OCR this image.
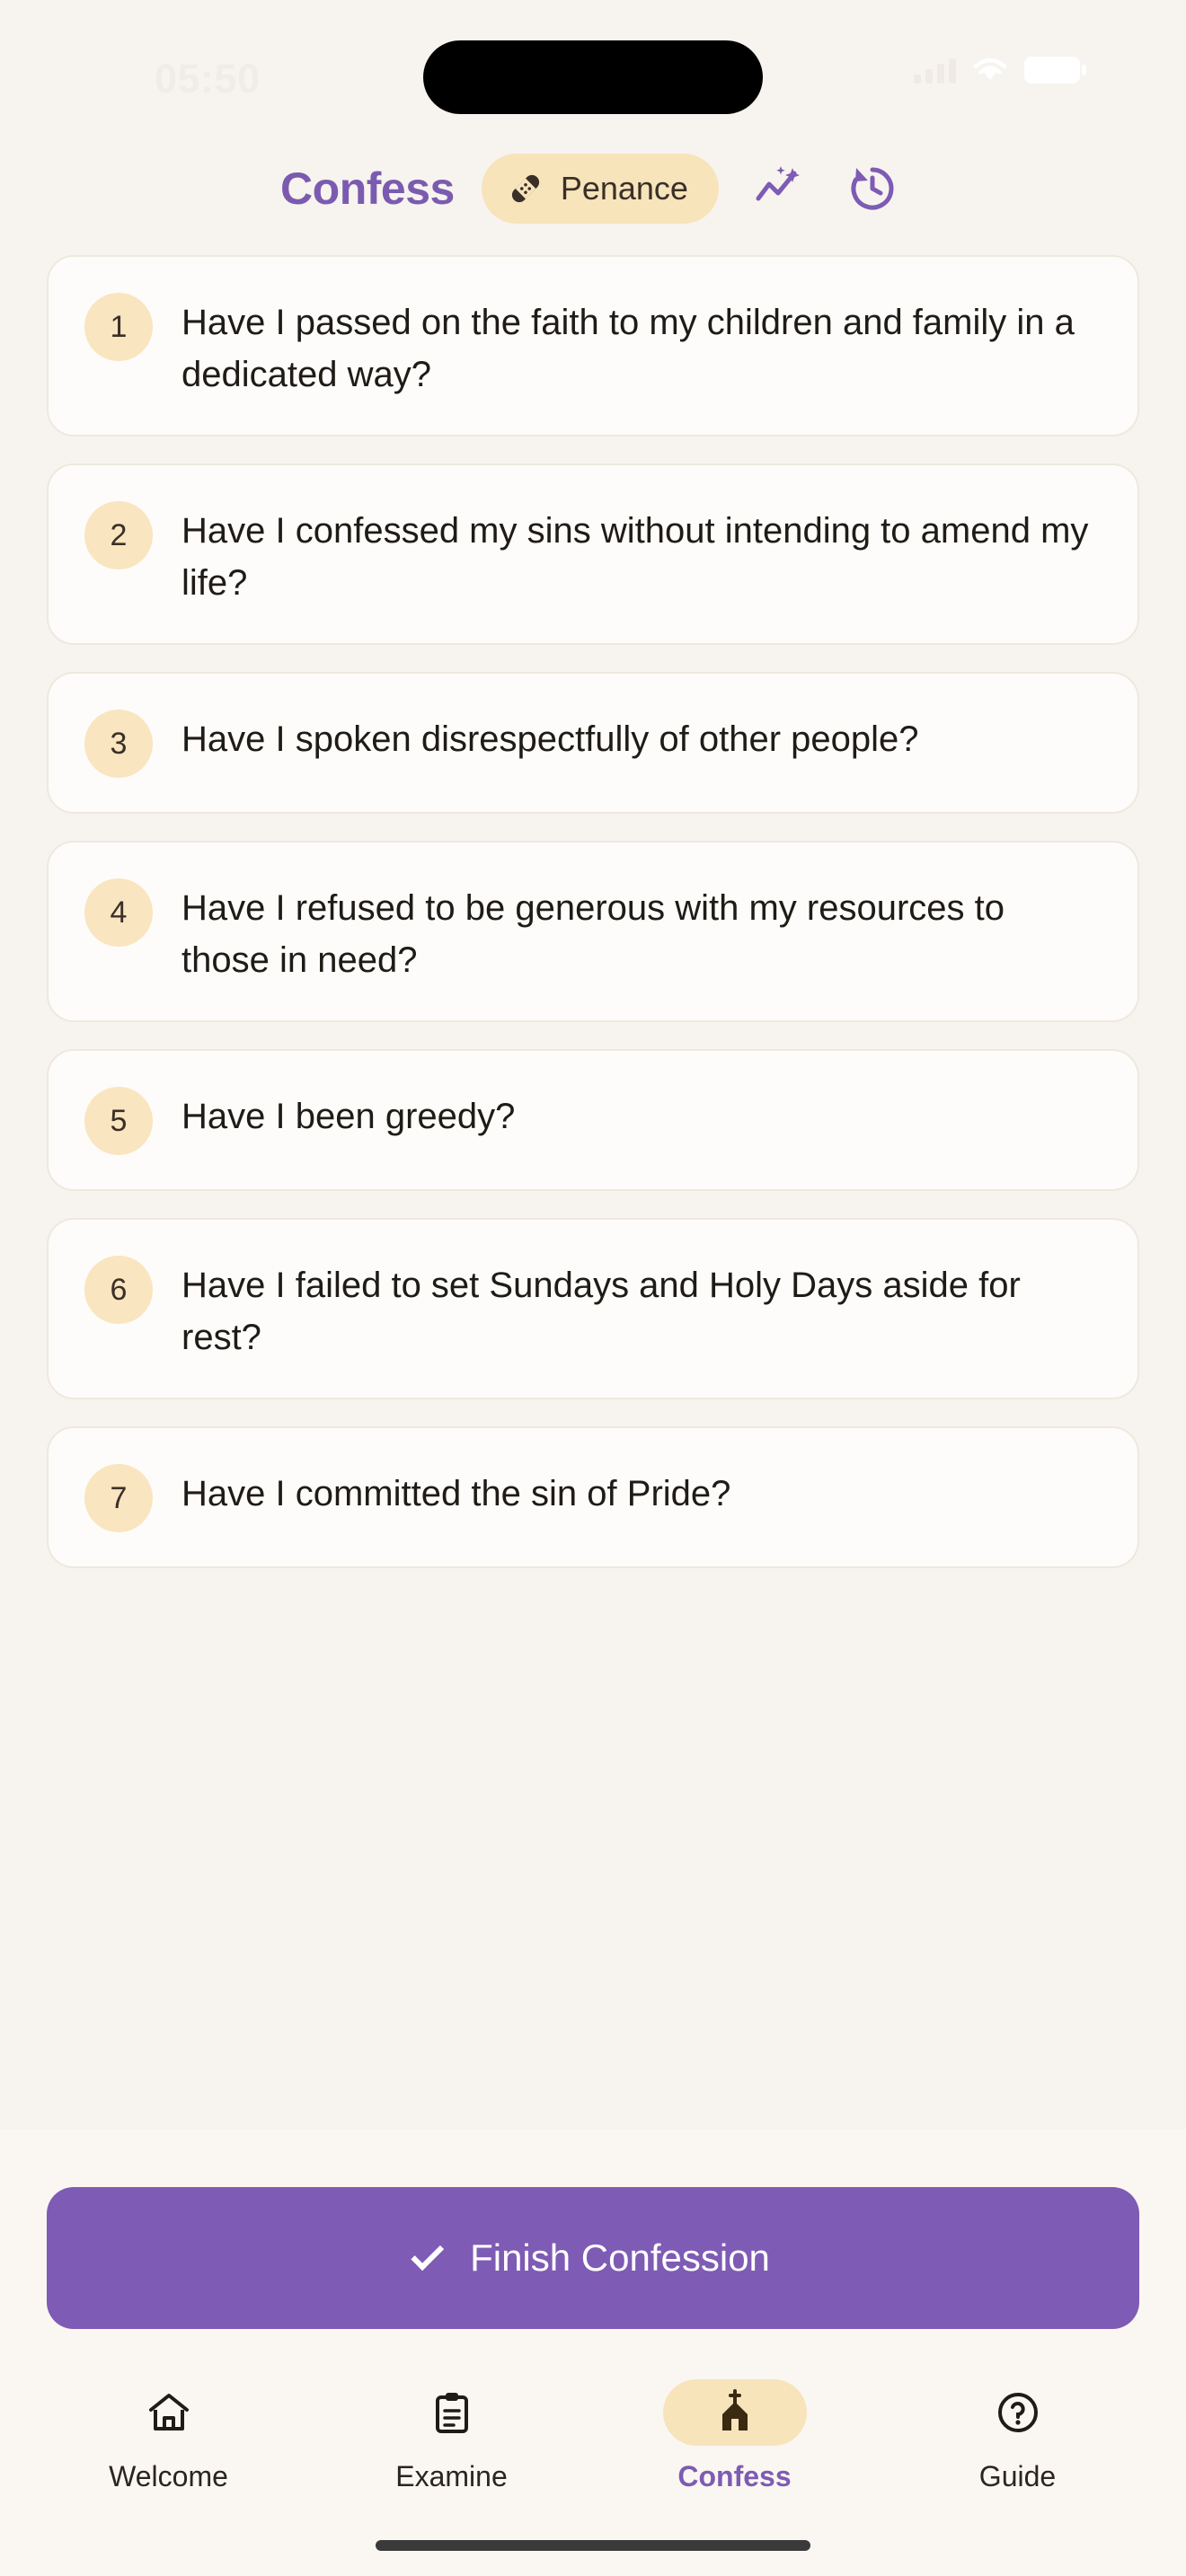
05:50
Confess	Penance
1	Have I passed on the faith to my children and family in a dedicated way?
2	Have I confessed my sins without intending to amend my life?
3	Have I spoken disrespectfully of other people?
4	Have I refused to be generous with my resources to those in need?
5	Have I been greedy?
6	Have I failed to set Sundays and Holy Days aside for rest?
7	Have I committed the sin of Pride?
Finish Confession
Welcome	Examine	Confess	Guide
